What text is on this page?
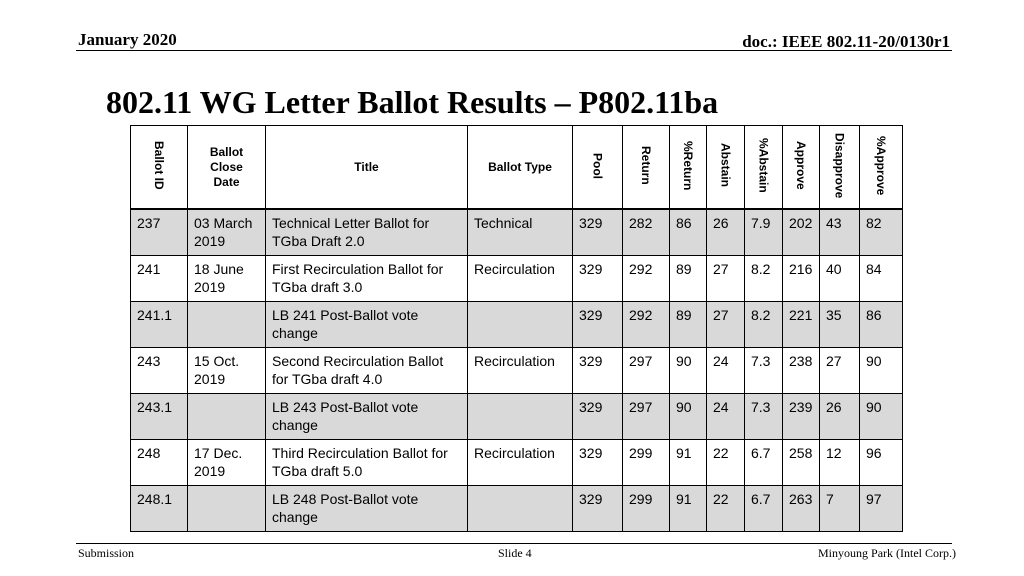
January 2020	doc.: IEEE 802.11-20/0130r1
802.11 WG Letter Ballot Results – P802.11ba
Ballot ID	Ballot Close Date	Title	Ballot Type	Pool	Return	%Return	Abstain	%Abstain	Approve	Disapprove	%Approve
237	03 March 2019	Technical Letter Ballot for TGba Draft 2.0	Technical	329	282	86	26	7.9	202	43	82
241	18 June 2019	First Recirculation Ballot for TGba draft 3.0	Recirculation	329	292	89	27	8.2	216	40	84
241.1		LB 241 Post-Ballot vote change		329	292	89	27	8.2	221	35	86
243	15 Oct. 2019	Second Recirculation Ballot for TGba draft 4.0	Recirculation	329	297	90	24	7.3	238	27	90
243.1		LB 243 Post-Ballot vote change		329	297	90	24	7.3	239	26	90
248	17 Dec. 2019	Third Recirculation Ballot for TGba draft 5.0	Recirculation	329	299	91	22	6.7	258	12	96
248.1		LB 248 Post-Ballot vote change		329	299	91	22	6.7	263	7	97
Submission	Slide 4	Minyoung Park (Intel Corp.)
